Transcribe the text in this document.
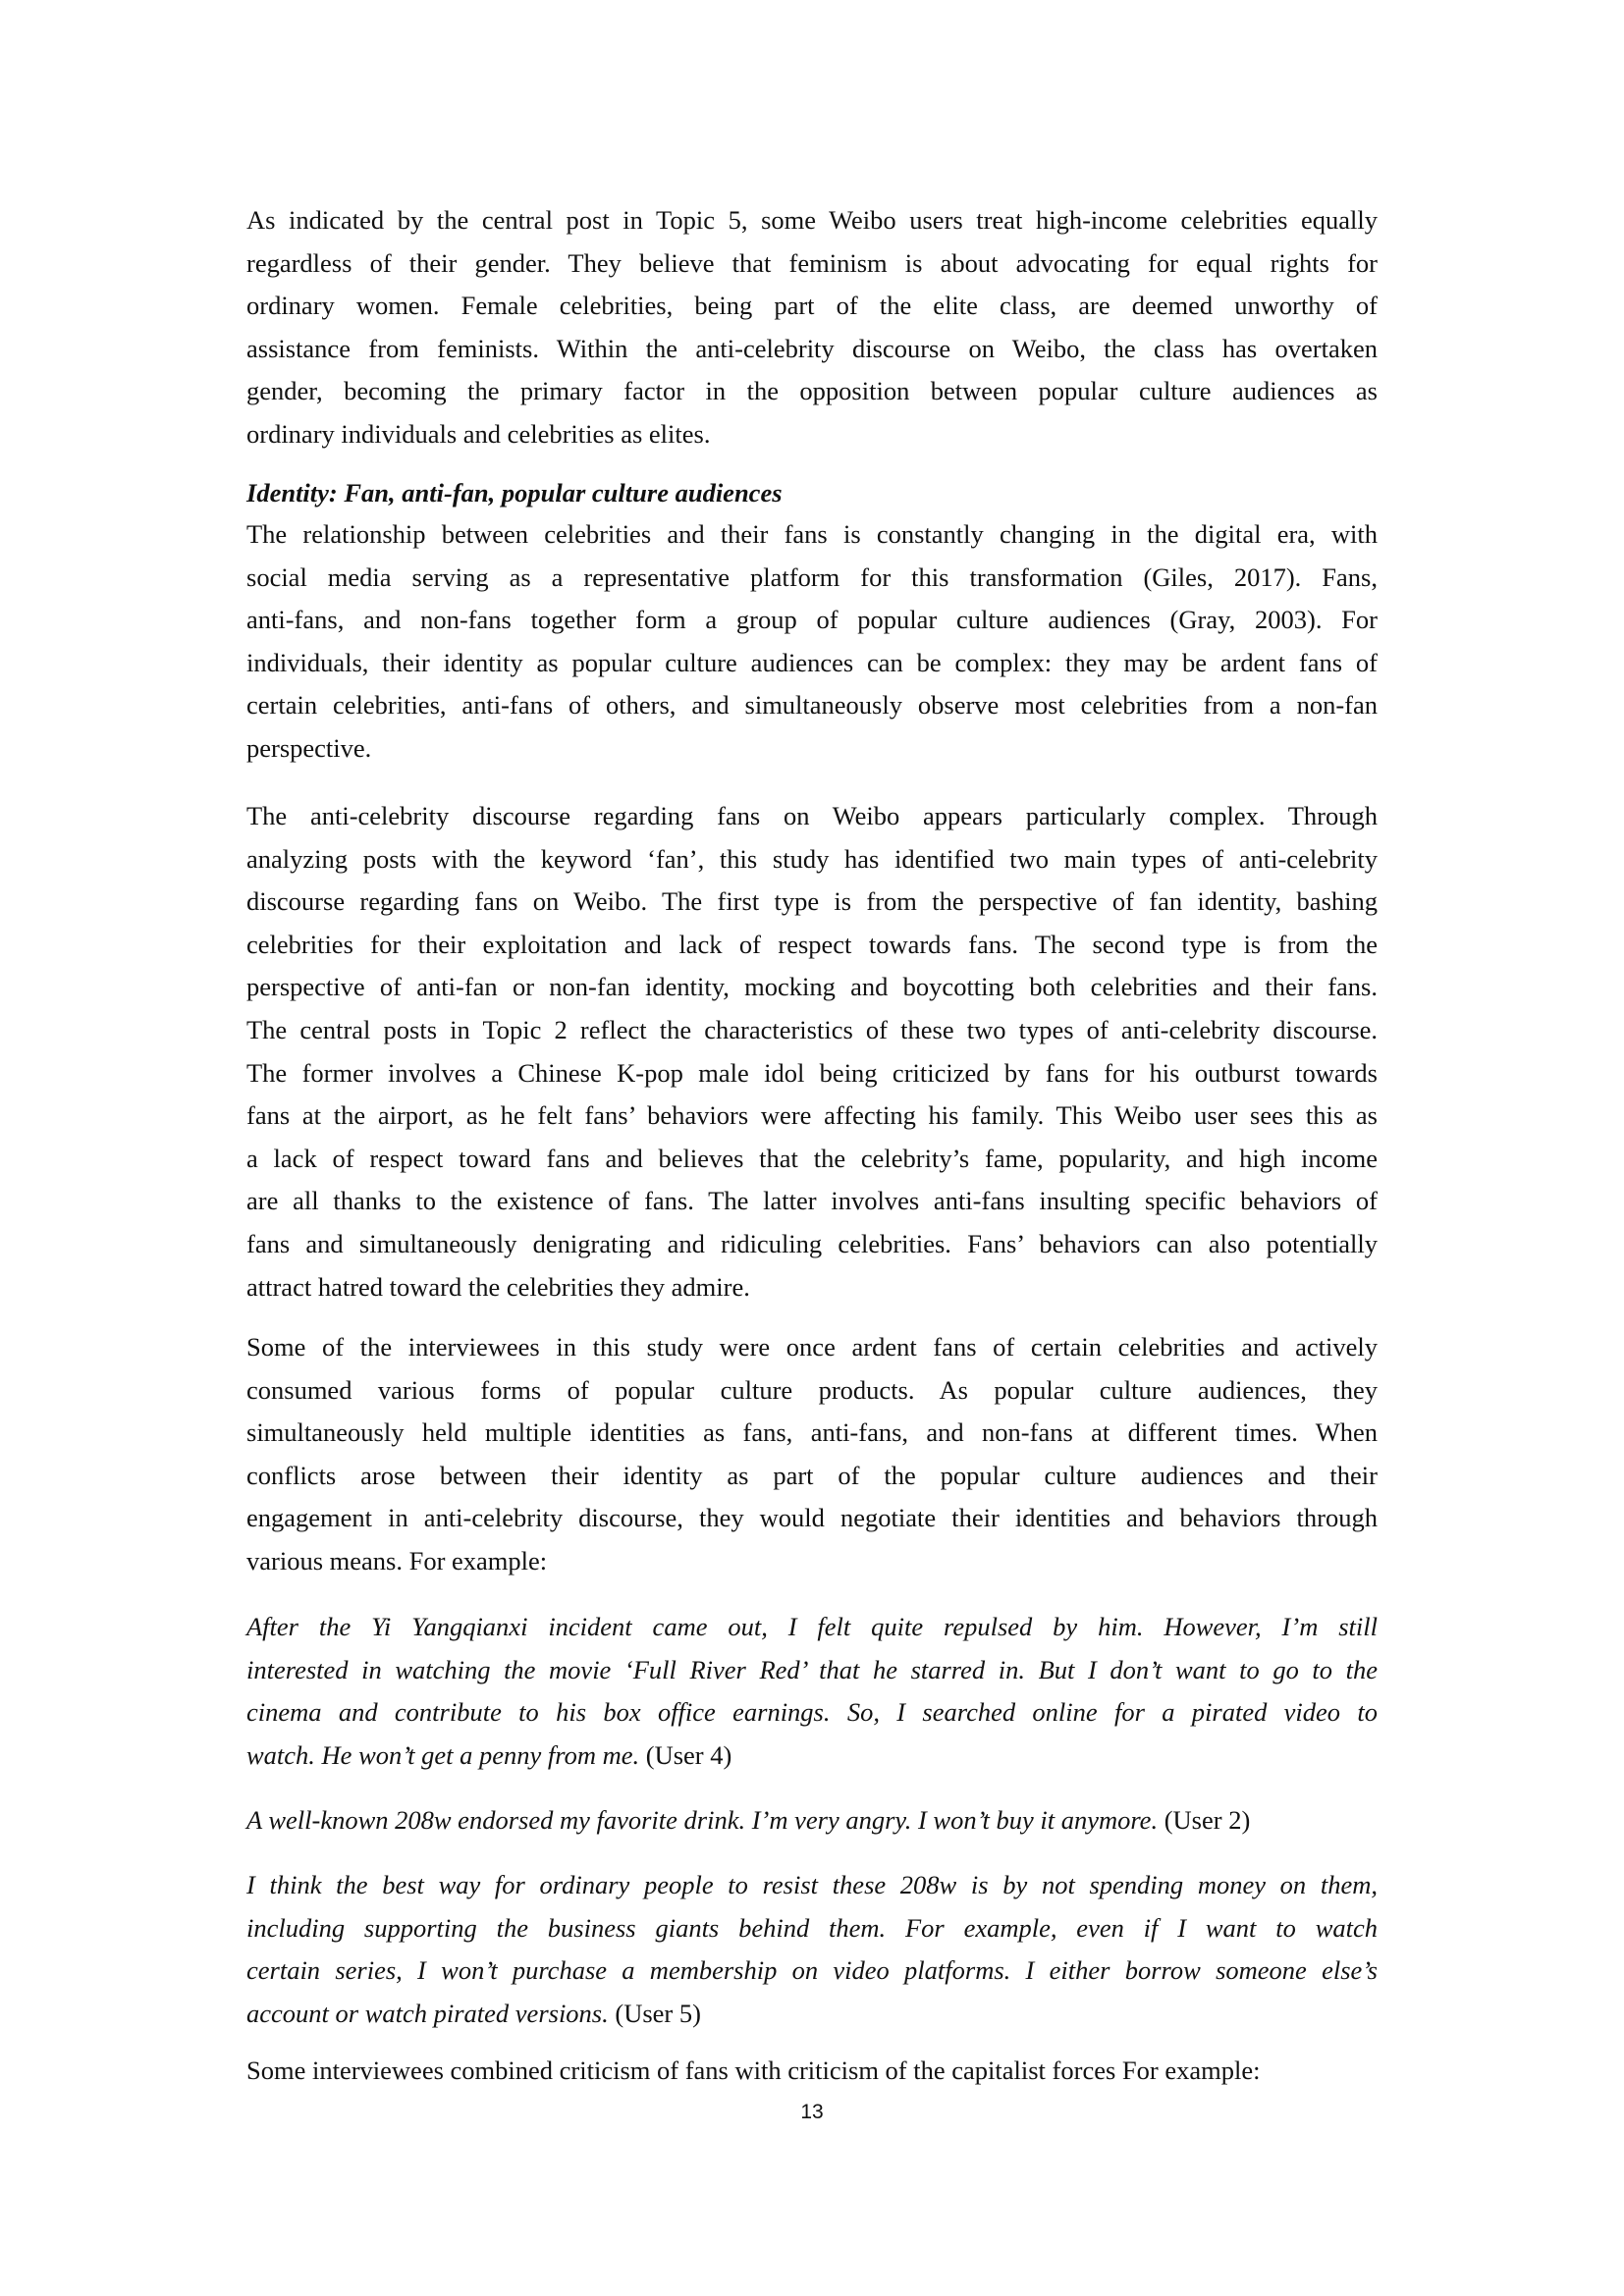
As indicated by the central post in Topic 5, some Weibo users treat high-income celebrities equally
regardless of their gender. They believe that feminism is about advocating for equal rights for
ordinary women. Female celebrities, being part of the elite class, are deemed unworthy of
assistance from feminists. Within the anti-celebrity discourse on Weibo, the class has overtaken
gender, becoming the primary factor in the opposition between popular culture audiences as
ordinary individuals and celebrities as elites.
Identity: Fan, anti-fan, popular culture audiences
The relationship between celebrities and their fans is constantly changing in the digital era, with
social media serving as a representative platform for this transformation (Giles, 2017). Fans,
anti-fans, and non-fans together form a group of popular culture audiences (Gray, 2003). For
individuals, their identity as popular culture audiences can be complex: they may be ardent fans of
certain celebrities, anti-fans of others, and simultaneously observe most celebrities from a non-fan
perspective.
The anti-celebrity discourse regarding fans on Weibo appears particularly complex. Through
analyzing posts with the keyword ‘fan’, this study has identified two main types of anti-celebrity
discourse regarding fans on Weibo. The first type is from the perspective of fan identity, bashing
celebrities for their exploitation and lack of respect towards fans. The second type is from the
perspective of anti-fan or non-fan identity, mocking and boycotting both celebrities and their fans.
The central posts in Topic 2 reflect the characteristics of these two types of anti-celebrity discourse.
The former involves a Chinese K-pop male idol being criticized by fans for his outburst towards
fans at the airport, as he felt fans’ behaviors were affecting his family. This Weibo user sees this as
a lack of respect toward fans and believes that the celebrity’s fame, popularity, and high income
are all thanks to the existence of fans. The latter involves anti-fans insulting specific behaviors of
fans and simultaneously denigrating and ridiculing celebrities. Fans’ behaviors can also potentially
attract hatred toward the celebrities they admire.
Some of the interviewees in this study were once ardent fans of certain celebrities and actively
consumed various forms of popular culture products. As popular culture audiences, they
simultaneously held multiple identities as fans, anti-fans, and non-fans at different times. When
conflicts arose between their identity as part of the popular culture audiences and their
engagement in anti-celebrity discourse, they would negotiate their identities and behaviors through
various means. For example:
After the Yi Yangqianxi incident came out, I felt quite repulsed by him. However, I’m still
interested in watching the movie ‘Full River Red’ that he starred in. But I don’t want to go to the
cinema and contribute to his box office earnings. So, I searched online for a pirated video to
watch. He won’t get a penny from me. (User 4)
A well-known 208w endorsed my favorite drink. I’m very angry. I won’t buy it anymore. (User 2)
I think the best way for ordinary people to resist these 208w is by not spending money on them,
including supporting the business giants behind them. For example, even if I want to watch
certain series, I won’t purchase a membership on video platforms. I either borrow someone else’s
account or watch pirated versions. (User 5)
Some interviewees combined criticism of fans with criticism of the capitalist forces For example:
13
